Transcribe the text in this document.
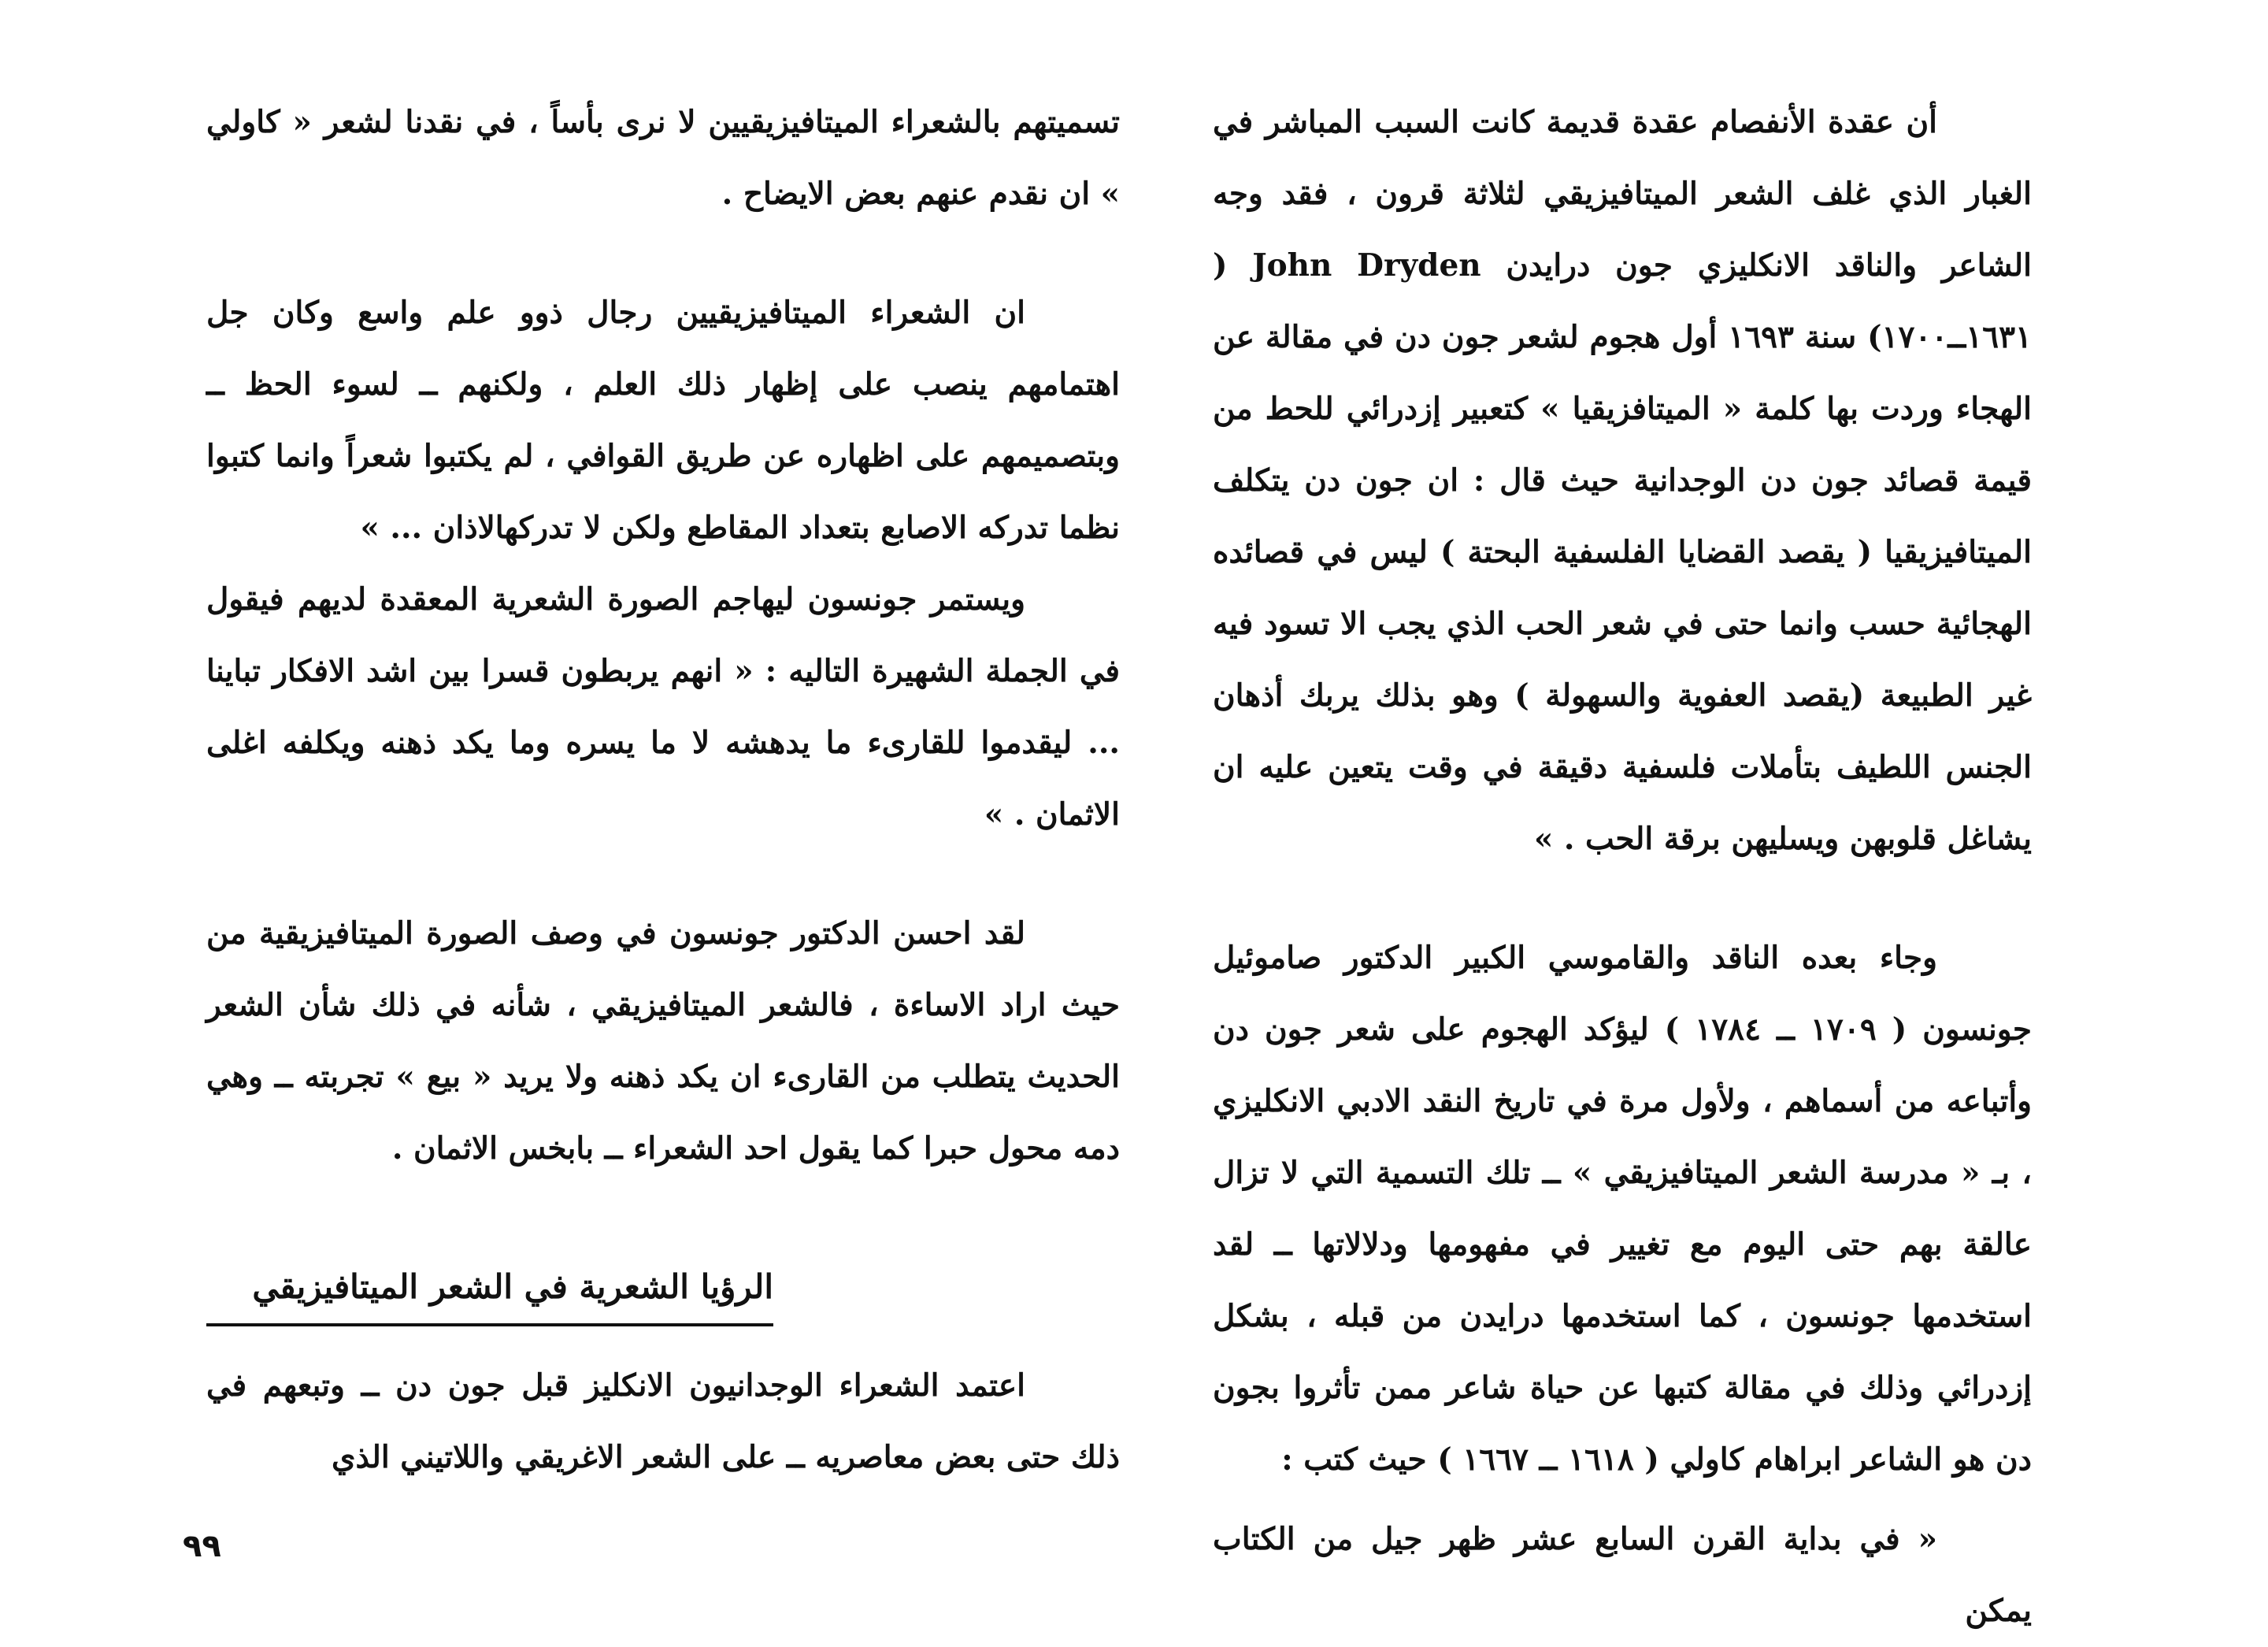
أن عقدة الأنفصام عقدة قديمة كانت السبب المباشر في الغبار الذي غلف الشعر الميتافيزيقي لثلاثة قرون ، فقد وجه الشاعر والناقد الانكليزي جون درايدن John Dryden ( ١٦٣١ــ١٧٠٠) سنة ١٦٩٣ أول هجوم لشعر جون دن في مقالة عن الهجاء وردت بها كلمة « الميتافزيقيا » كتعبير إزدرائي للحط من قيمة قصائد جون دن الوجدانية حيث قال : ان جون دن يتكلف الميتافيزيقيا ( يقصد القضايا الفلسفية البحتة ) ليس في قصائده الهجائية حسب وانما حتى في شعر الحب الذي يجب الا تسود فيه غير الطبيعة (يقصد العفوية والسهولة ) وهو بذلك يربك أذهان الجنس اللطيف بتأملات فلسفية دقيقة في وقت يتعين عليه ان يشاغل قلوبهن ويسليهن برقة الحب . »

وجاء بعده الناقد والقاموسي الكبير الدكتور صاموئيل جونسون ( ١٧٠٩ ــ ١٧٨٤ ) ليؤكد الهجوم على شعر جون دن وأتباعه من أسماهم ، ولأول مرة في تاريخ النقد الادبي الانكليزي ، بـ « مدرسة الشعر الميتافيزيقي » ــ تلك التسمية التي لا تزال عالقة بهم حتى اليوم مع تغيير في مفهومها ودلالاتها ــ لقد استخدمها جونسون ، كما استخدمها درايدن من قبله ، بشكل إزدرائي وذلك في مقالة كتبها عن حياة شاعر ممن تأثروا بجون دن هو الشاعر ابراهام كاولي ( ١٦١٨ ــ ١٦٦٧ ) حيث كتب :

« في بداية القرن السابع عشر ظهر جيل من الكتاب يمكن

تسميتهم بالشعراء الميتافيزيقيين لا نرى بأساً ، في نقدنا لشعر « كاولي » ان نقدم عنهم بعض الايضاح .

ان الشعراء الميتافيزيقيين رجال ذوو علم واسع وكان جل اهتمامهم ينصب على إظهار ذلك العلم ، ولكنهم ــ لسوء الحظ ــ وبتصميمهم على اظهاره عن طريق القوافي ، لم يكتبوا شعراً وانما كتبوا نظما تدركه الاصابع بتعداد المقاطع ولكن لا تدركهالاذان ... »

ويستمر جونسون ليهاجم الصورة الشعرية المعقدة لديهم فيقول في الجملة الشهيرة التاليه : « انهم يربطون قسرا بين اشد الافكار تباينا ... ليقدموا للقارىء ما يدهشه لا ما يسره وما يكد ذهنه ويكلفه اغلى الاثمان . »

لقد احسن الدكتور جونسون في وصف الصورة الميتافيزيقية من حيث اراد الاساءة ، فالشعر الميتافيزيقي ، شأنه في ذلك شأن الشعر الحديث يتطلب من القارىء ان يكد ذهنه ولا يريد « بيع » تجربته ــ وهي دمه محول حبرا كما يقول احد الشعراء ــ بابخس الاثمان .

الرؤيا الشعرية في الشعر الميتافيزيقي

اعتمد الشعراء الوجدانيون الانكليز قبل جون دن ــ وتبعهم في ذلك حتى بعض معاصريه ــ على الشعر الاغريقي واللاتيني الذي

٩٩
